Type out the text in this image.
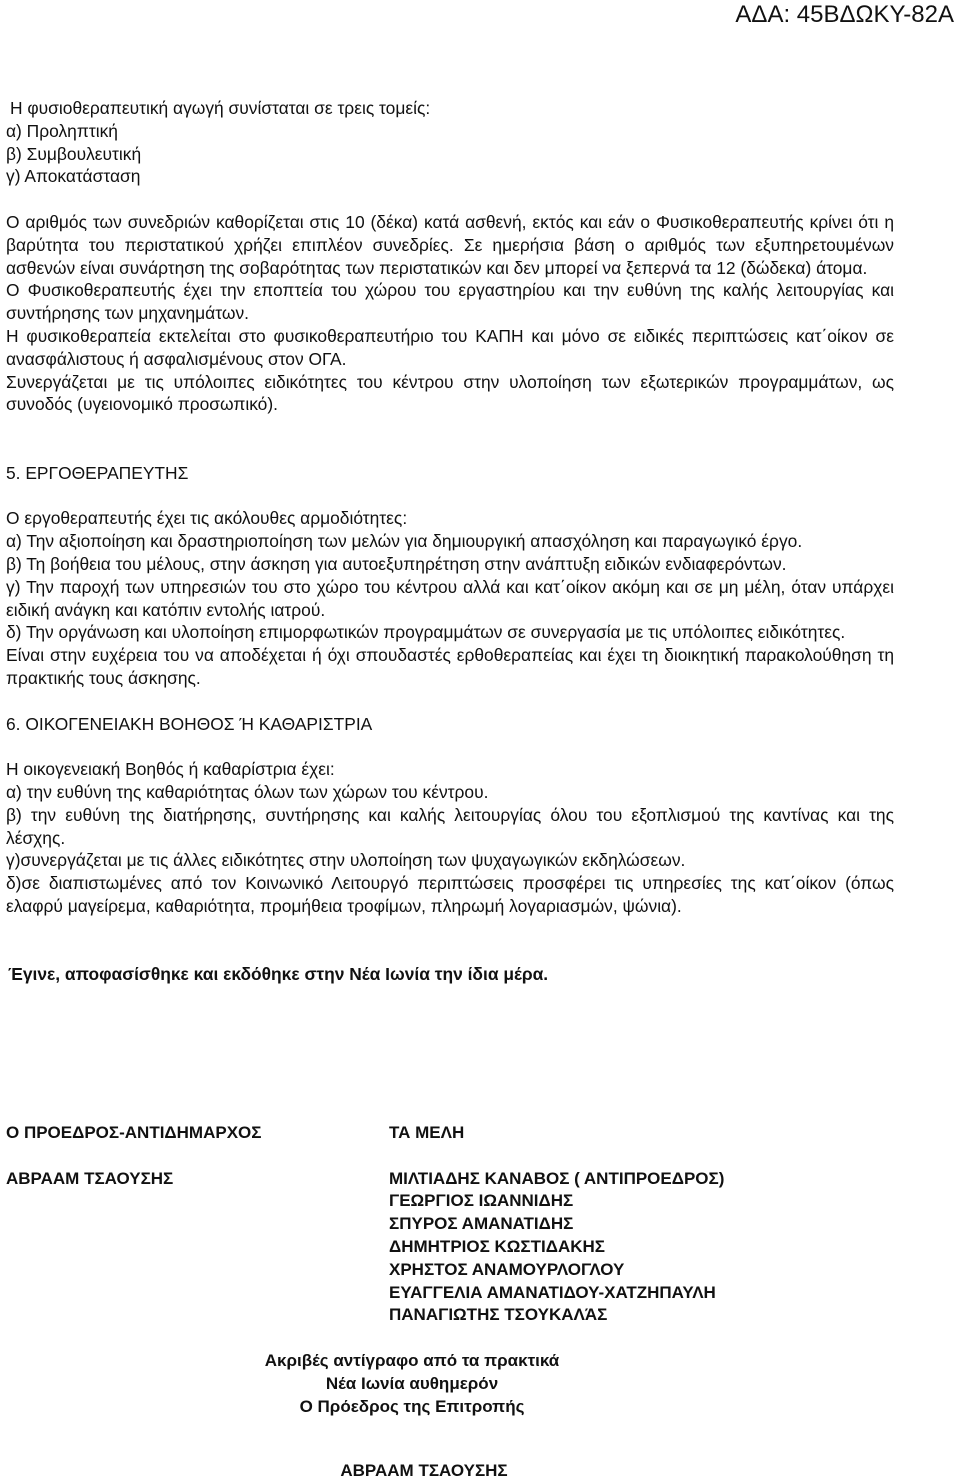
ΑΔΑ: 45ΒΔΩΚΥ-82Α

Η φυσιοθεραπευτική αγωγή συνίσταται σε τρεις τομείς:

α) Προληπτική

β) Συμβουλευτική

γ) Αποκατάσταση

Ο αριθμός των συνεδριών καθορίζεται στις 10 (δέκα) κατά ασθενή, εκτός και εάν ο Φυσικοθεραπευτής κρίνει ότι η βαρύτητα του περιστατικού χρήζει επιπλέον συνεδρίες. Σε ημερήσια βάση ο αριθμός των εξυπηρετουμένων ασθενών είναι συνάρτηση της σοβαρότητας των περιστατικών και δεν μπορεί να ξεπερνά τα 12 (δώδεκα) άτομα.

Ο Φυσικοθεραπευτής έχει την εποπτεία του χώρου του εργαστηρίου και την ευθύνη της καλής λειτουργίας και συντήρησης των μηχανημάτων.

Η φυσικοθεραπεία εκτελείται στο φυσικοθεραπευτήριο του ΚΑΠΗ και μόνο σε ειδικές περιπτώσεις κατ΄οίκον σε ανασφάλιστους ή ασφαλισμένους στον ΟΓΑ.

Συνεργάζεται με τις υπόλοιπες ειδικότητες του κέντρου στην υλοποίηση των εξωτερικών προγραμμάτων, ως συνοδός (υγειονομικό προσωπικό).

5. ΕΡΓΟΘΕΡΑΠΕΥΤΗΣ

Ο εργοθεραπευτής έχει τις ακόλουθες αρμοδιότητες:

α) Την αξιοποίηση και δραστηριοποίηση των μελών για δημιουργική απασχόληση και παραγωγικό έργο.

β) Τη βοήθεια του μέλους, στην άσκηση για αυτοεξυπηρέτηση στην ανάπτυξη ειδικών ενδιαφερόντων.

γ) Την παροχή των υπηρεσιών του στο χώρο του κέντρου αλλά και κατ΄οίκον ακόμη και σε μη μέλη, όταν υπάρχει ειδική ανάγκη και κατόπιν εντολής ιατρού.

δ) Την οργάνωση και υλοποίηση επιμορφωτικών προγραμμάτων σε συνεργασία με τις υπόλοιπες ειδικότητες.

Είναι στην ευχέρεια του να αποδέχεται ή όχι σπουδαστές ερθοθεραπείας και έχει τη διοικητική παρακολούθηση τη πρακτικής τους άσκησης.

6. ΟΙΚΟΓΕΝΕΙΑΚΗ ΒΟΗΘΟΣ Ή ΚΑΘΑΡΙΣΤΡΙΑ

Η οικογενειακή Βοηθός ή καθαρίστρια έχει:

α) την ευθύνη της καθαριότητας όλων των χώρων του κέντρου.

β) την ευθύνη της διατήρησης, συντήρησης και καλής λειτουργίας όλου του εξοπλισμού της καντίνας και της λέσχης.

γ)συνεργάζεται με τις άλλες ειδικότητες στην υλοποίηση των ψυχαγωγικών εκδηλώσεων.

δ)σε διαπιστωμένες από τον Κοινωνικό Λειτουργό περιπτώσεις προσφέρει τις υπηρεσίες της κατ΄οίκον (όπως ελαφρύ μαγείρεμα, καθαριότητα, προμήθεια τροφίμων, πληρωμή λογαριασμών, ψώνια).

Έγινε, αποφασίσθηκε και εκδόθηκε στην Νέα Ιωνία την ίδια μέρα.

Ο ΠΡΟΕΔΡΟΣ-ΑΝΤΙΔΗΜΑΡΧΟΣ

ΑΒΡΑΑΜ ΤΣΑΟΥΣΗΣ

ΤΑ ΜΕΛΗ

ΜΙΛΤΙΑΔΗΣ ΚΑΝΑΒΟΣ ( ΑΝΤΙΠΡΟΕΔΡΟΣ)

ΓΕΩΡΓΙΟΣ ΙΩΑΝΝΙΔΗΣ

ΣΠΥΡΟΣ ΑΜΑΝΑΤΙΔΗΣ

ΔΗΜΗΤΡΙΟΣ ΚΩΣΤΙΔΑΚΗΣ

ΧΡΗΣΤΟΣ ΑΝΑΜΟΥΡΛΟΓΛΟΥ

ΕΥΑΓΓΕΛΙΑ ΑΜΑΝΑΤΙΔΟΥ-ΧΑΤΖΗΠΑΥΛΗ

ΠΑΝΑΓΙΩΤΗΣ ΤΣΟΥΚΑΛΆΣ

Ακριβές αντίγραφο από τα πρακτικά

Νέα Ιωνία αυθημερόν

Ο Πρόεδρος της Επιτροπής

ΑΒΡΑΑΜ ΤΣΑΟΥΣΗΣ
